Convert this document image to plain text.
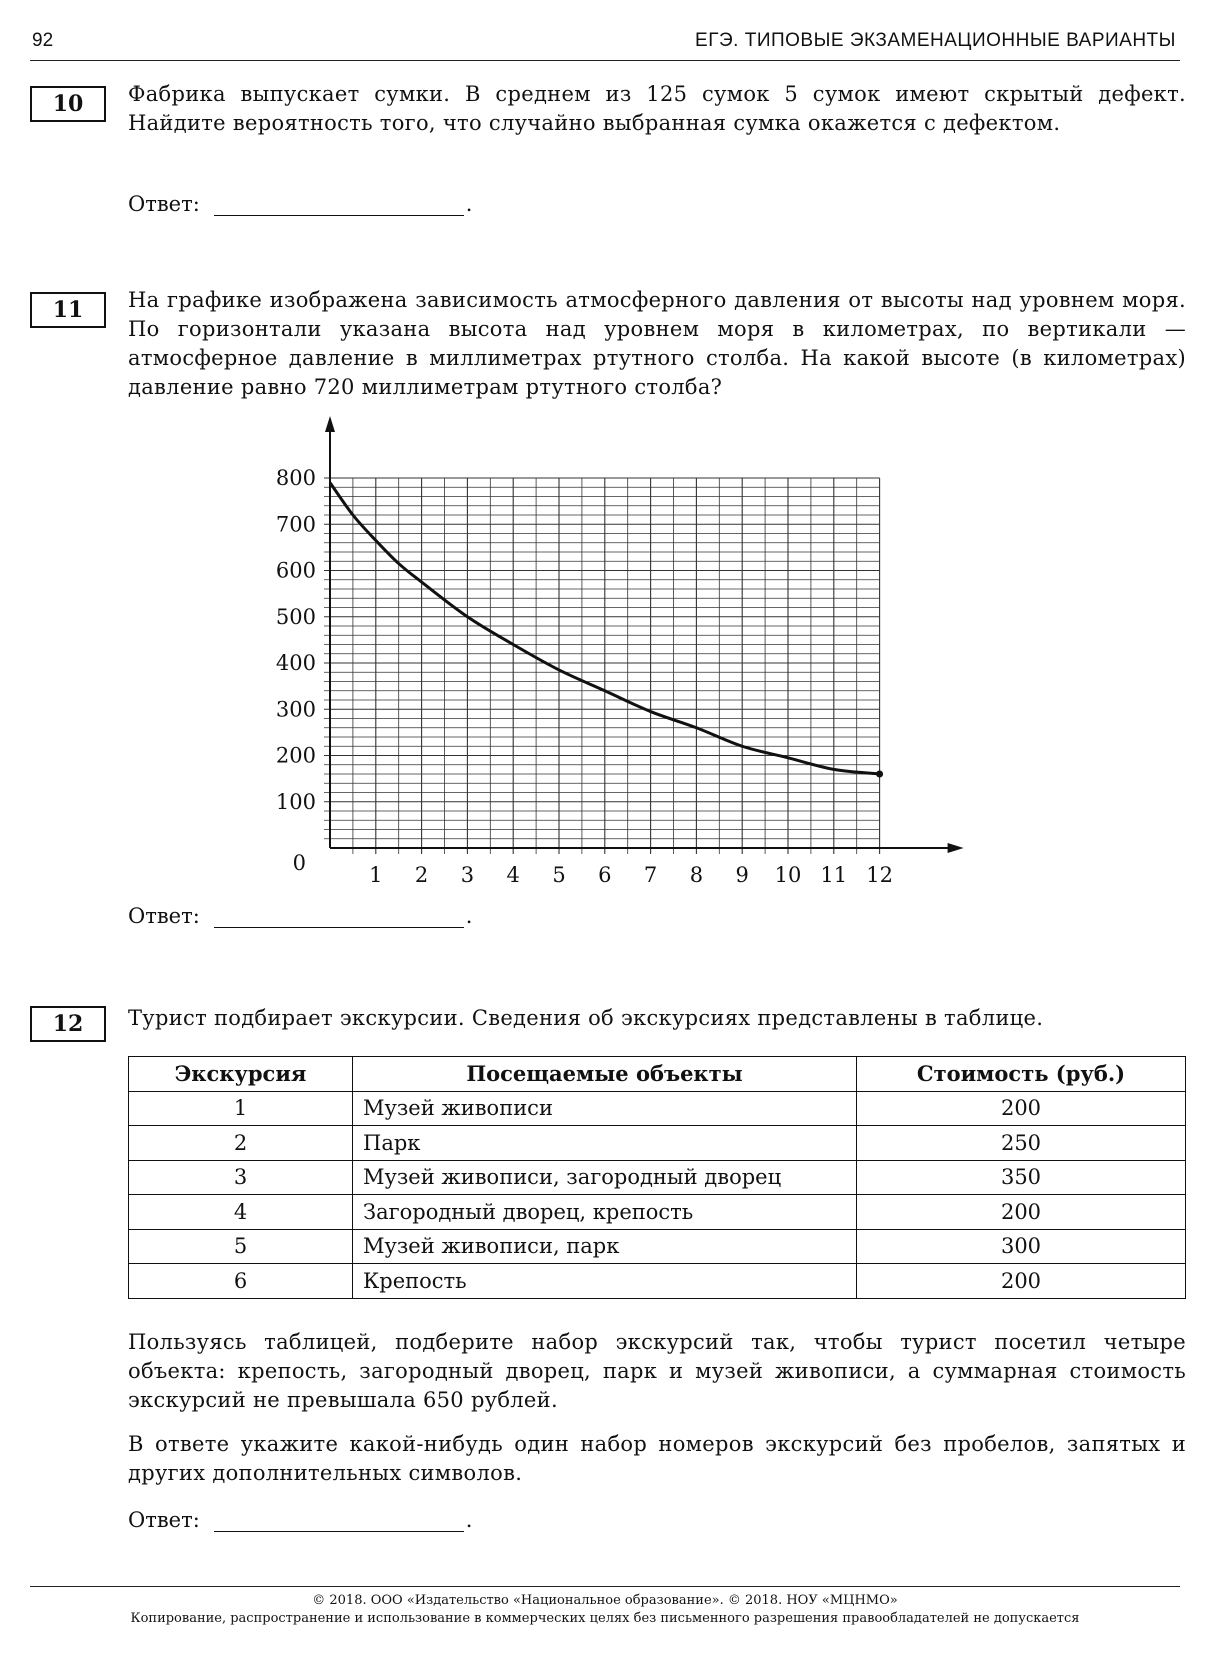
92	ЕГЭ. ТИПОВЫЕ ЭКЗАМЕНАЦИОННЫЕ ВАРИАНТЫ
10	Фабрика выпускает сумки. В среднем из 125 сумок 5 сумок имеют скрытый дефект. Найдите вероятность того, что случайно выбранная сумка окажется с дефектом.
Ответ:	.
11	На графике изображена зависимость атмосферного давления от высоты над уровнем моря. По горизонтали указана высота над уровнем моря в километрах, по вертикали — атмосферное давление в миллиметрах ртутного столба. На какой высоте (в километрах) давление равно 720 миллиметрам ртутного столба?
100
200
300
400
500
600
700
800
0	1 2 3 4 5 6 7 8 9 10 11 12
Ответ:	.
12	Турист подбирает экскурсии. Сведения об экскурсиях представлены в таблице.
Экскурсия	Посещаемые объекты	Стоимость (руб.)
1	Музей живописи	200
2	Парк	250
3	Музей живописи, загородный дворец	350
4	Загородный дворец, крепость	200
5	Музей живописи, парк	300
6	Крепость	200
Пользуясь таблицей, подберите набор экскурсий так, чтобы турист посетил четыре объекта: крепость, загородный дворец, парк и музей живописи, а суммарная стоимость экскурсий не превышала 650 рублей.
В ответе укажите какой-нибудь один набор номеров экскурсий без пробелов, запятых и других дополнительных символов.
Ответ:	.
© 2018. ООО «Издательство «Национальное образование». © 2018. НОУ «МЦНМО»
Копирование, распространение и использование в коммерческих целях без письменного разрешения правообладателей не допускается
